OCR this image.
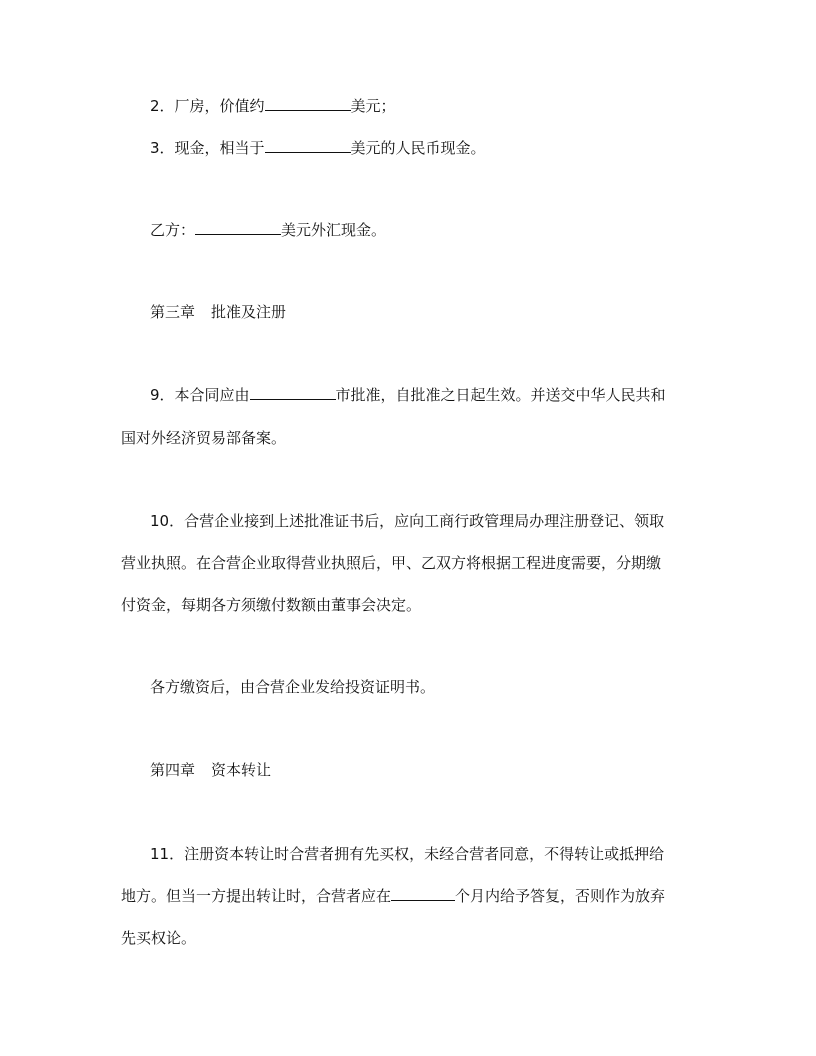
2．厂房，价值约	美元；
3．现金，相当于	美元的人民币现金。
乙方：	美元外汇现金。
第三章 批准及注册
9．本合同应由	市批准，自批准之日起生效。并送交中华人民共和
国对外经济贸易部备案。
10．合营企业接到上述批准证书后，应向工商行政管理局办理注册登记、领取
营业执照。在合营企业取得营业执照后，甲、乙双方将根据工程进度需要，分期缴
付资金，每期各方须缴付数额由董事会决定。
各方缴资后，由合营企业发给投资证明书。
第四章 资本转让
11．注册资本转让时合营者拥有先买权，未经合营者同意，不得转让或抵押给
地方。但当一方提出转让时，合营者应在	个月内给予答复，否则作为放弃
先买权论。
